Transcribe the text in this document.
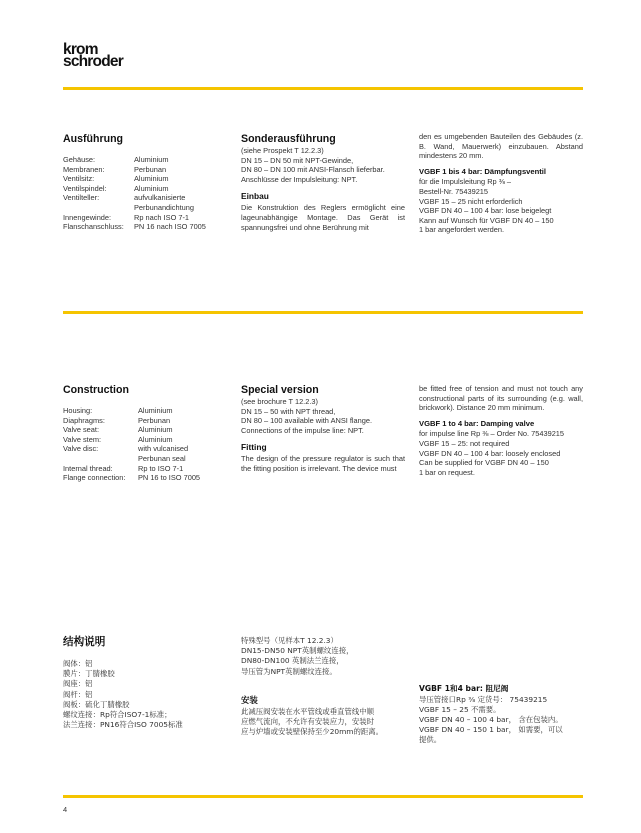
krom
schroder
Ausführung
Gehäuse:	Aluminium
Membranen:	Perbunan
Ventilsitz:	Aluminium
Ventilspindel:	Aluminium
Ventilteller:	aufvulkanisierte
Perbunandichtung
Innengewinde:	Rp nach ISO 7-1
Flanschanschluss:	PN 16 nach ISO 7005
Sonderausführung
(siehe Prospekt T 12.2.3)
DN 15 – DN 50 mit NPT-Gewinde,
DN 80 – DN 100 mit ANSI-Flansch lieferbar.
Anschlüsse der Impulsleitung: NPT.
Einbau

Die Konstruktion des Reglers ermöglicht eine lageunabhängige Montage. Das Gerät ist spannungsfrei und ohne Berührung mit

den es umgebenden Bauteilen des Gebäudes (z. B. Wand, Mauerwerk) einzubauen. Abstand mindestens 20 mm.

VGBF 1 bis 4 bar: Dämpfungsventil
für die Impulsleitung Rp ⅜ –
Bestell-Nr. 75439215
VGBF 15 – 25 nicht erforderlich
VGBF DN 40 – 100 4 bar: lose beigelegt
Kann auf Wunsch für VGBF DN 40 – 150
1 bar angefordert werden.
Construction
Housing:	Aluminium
Diaphragms:	Perbunan
Valve seat:	Aluminium
Valve stem:	Aluminium
Valve disc:	with vulcanised
Perbunan seal
Internal thread:	Rp to ISO 7-1
Flange connection:	PN 16 to ISO 7005
Special version
(see brochure T 12.2.3)
DN 15 – 50 with NPT thread,
DN 80 – 100 available with ANSI flange.
Connections of the impulse line: NPT.
Fitting

The design of the pressure regulator is such that the fitting position is irrelevant. The device must

be fitted free of tension and must not touch any constructional parts of its surrounding (e.g. wall, brickwork). Distance 20 mm minimum.

VGBF 1 to 4 bar: Damping valve
for impulse line Rp ⅜ – Order No. 75439215
VGBF 15 – 25: not required
VGBF DN 40 – 100 4 bar: loosely enclosed
Can be supplied for VGBF DN 40 – 150
1 bar on request.
结构说明
阀体：铝
膜片：丁腈橡胶
阀座：铝
阀杆：铝
阀板：硫化丁腈橡胶
螺纹连接：Rp符合ISO7-1标准；
法兰连接：PN16符合ISO 7005标准
特殊型号（见样本T 12.2.3）
DN15-DN50 NPT英制螺纹连接，
DN80-DN100 英制法兰连接，
导压管为NPT英制螺纹连接。
安装
此减压阀安装在水平管线或垂直管线中顺
应燃气流向，不允许有安装应力，安装时
应与炉墙或安装壁保持至少20mm的距离。
VGBF 1和4 bar: 阻尼阀
导压管接口Rp ⅜ 定货号： 75439215
VGBF 15 – 25 不需要。
VGBF DN 40 – 100 4 bar， 含在包装内。
VGBF DN 40 – 150 1 bar， 如需要，可以
提供。
4
